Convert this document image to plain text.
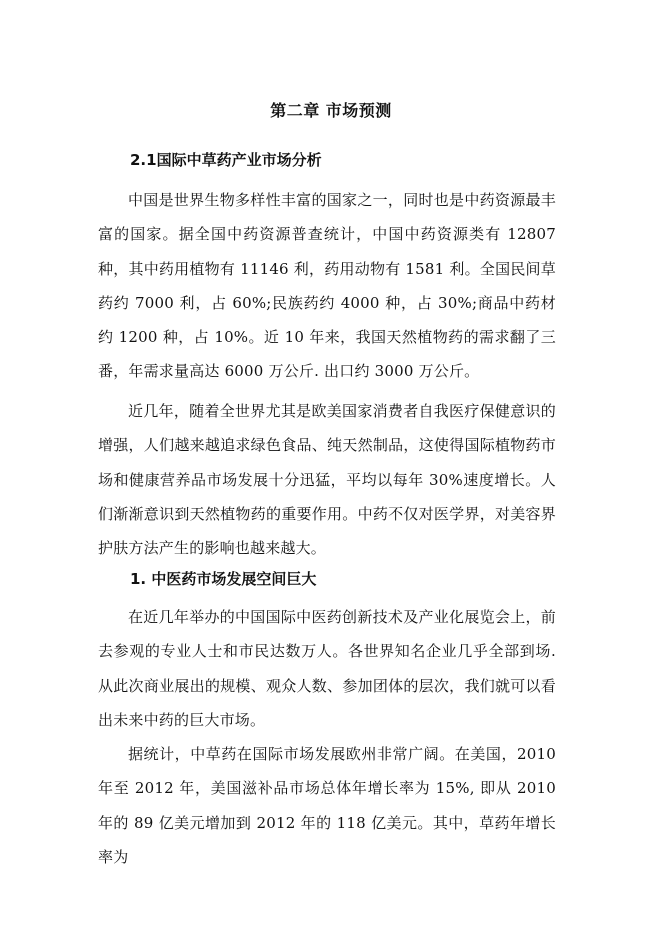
第二章 市场预测
2.1国际中草药产业市场分析

中国是世界生物多样性丰富的国家之一，同时也是中药资源最丰富的国家。据全国中药资源普查统计，中国中药资源类有 12807 种，其中药用植物有 11146 利，药用动物有 1581 利。全国民间草药约 7000 利，占 60%;民族药约 4000 种，占 30%;商品中药材约 1200 种，占 10%。近 10 年来，我国天然植物药的需求翻了三番，年需求量高达 6000 万公斤. 出口约 3000 万公斤。

近几年，随着全世界尤其是欧美国家消费者自我医疗保健意识的增强，人们越来越追求绿色食品、纯天然制品，这使得国际植物药市场和健康营养品市场发展十分迅猛，平均以每年 30%速度增长。人们渐渐意识到天然植物药的重要作用。中药不仅对医学界，对美容界护肤方法产生的影响也越来越大。

1. 中医药市场发展空间巨大

在近几年举办的中国国际中医药创新技术及产业化展览会上，前去参观的专业人士和市民达数万人。各世界知名企业几乎全部到场. 从此次商业展出的规模、观众人数、参加团体的层次，我们就可以看出未来中药的巨大市场。

据统计，中草药在国际市场发展欧州非常广阔。在美国，2010 年至 2012 年，美国滋补品市场总体年增长率为 15%, 即从 2010 年的 89 亿美元增加到 2012 年的 118 亿美元。其中，草药年增长率为
